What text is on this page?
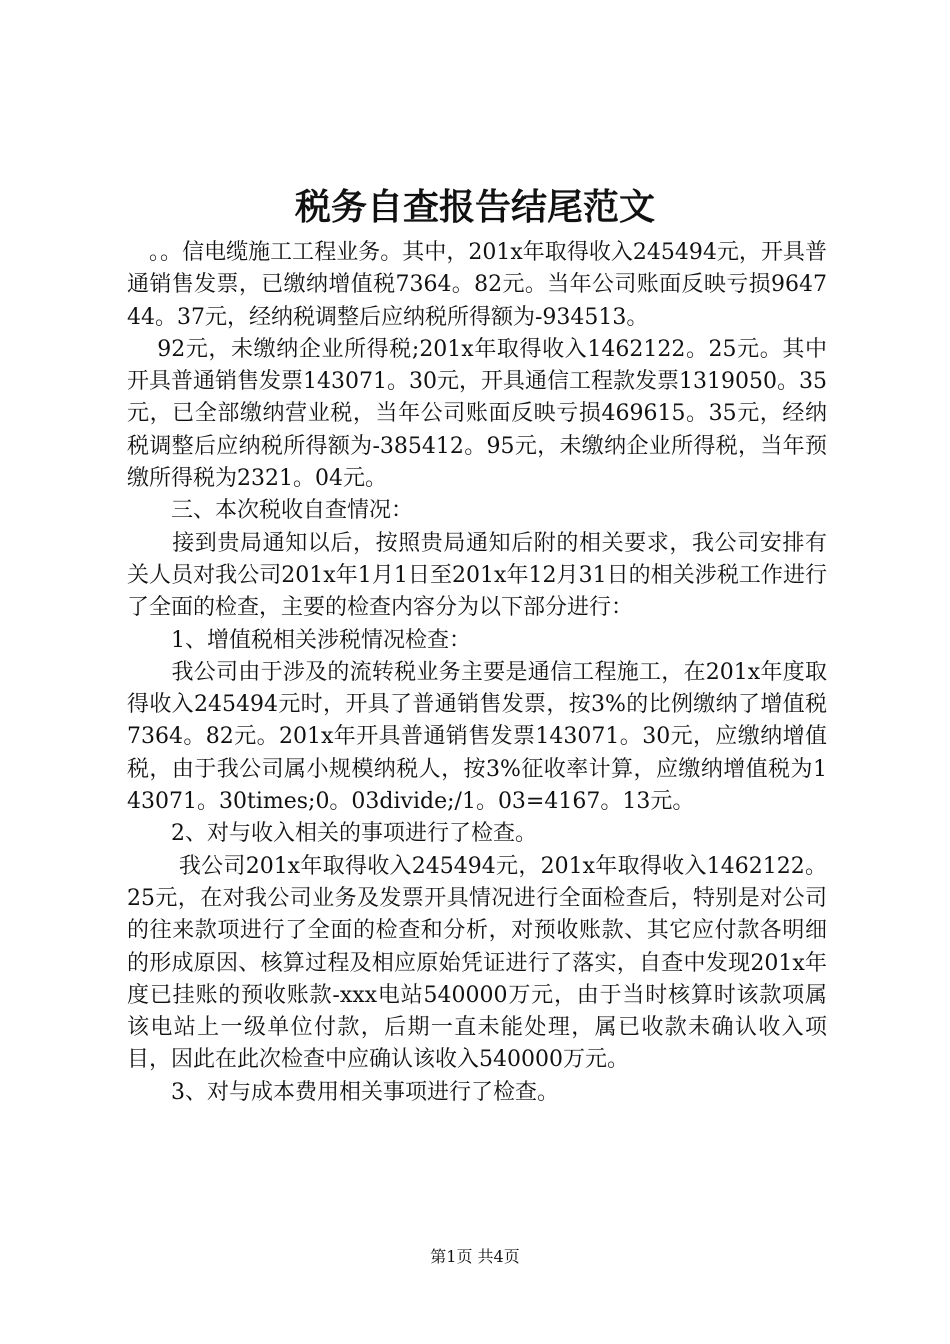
税务自查报告结尾范文

　。。信电缆施工工程业务。其中，201x年取得收入245494元，开具普通销售发票，已缴纳增值税7364。82元。当年公司账面反映亏损964744。37元，经纳税调整后应纳税所得额为-934513。

　 92元，未缴纳企业所得税;201x年取得收入1462122。25元。其中开具普通销售发票143071。30元，开具通信工程款发票1319050。35元，已全部缴纳营业税，当年公司账面反映亏损469615。35元，经纳税调整后应纳税所得额为-385412。95元，未缴纳企业所得税，当年预缴所得税为2321。04元。

　　三、本次税收自查情况：

　　接到贵局通知以后，按照贵局通知后附的相关要求，我公司安排有关人员对我公司201x年1月1日至201x年12月31日的相关涉税工作进行了全面的检查，主要的检查内容分为以下部分进行：

　　1、增值税相关涉税情况检查：

　　我公司由于涉及的流转税业务主要是通信工程施工，在201x年度取得收入245494元时，开具了普通销售发票，按3%的比例缴纳了增值税7364。82元。201x年开具普通销售发票143071。30元，应缴纳增值税，由于我公司属小规模纳税人，按3%征收率计算，应缴纳增值税为143071。30times;0。03divide;/1。03=4167。13元。

　　2、对与收入相关的事项进行了检查。

　　 我公司201x年取得收入245494元，201x年取得收入1462122。25元，在对我公司业务及发票开具情况进行全面检查后，特别是对公司的往来款项进行了全面的检查和分析，对预收账款、其它应付款各明细的形成原因、核算过程及相应原始凭证进行了落实，自查中发现201x年度已挂账的预收账款-xxx电站540000万元，由于当时核算时该款项属该电站上一级单位付款，后期一直未能处理，属已收款未确认收入项目，因此在此次检查中应确认该收入540000万元。

　　3、对与成本费用相关事项进行了检查。

第1页 共4页
